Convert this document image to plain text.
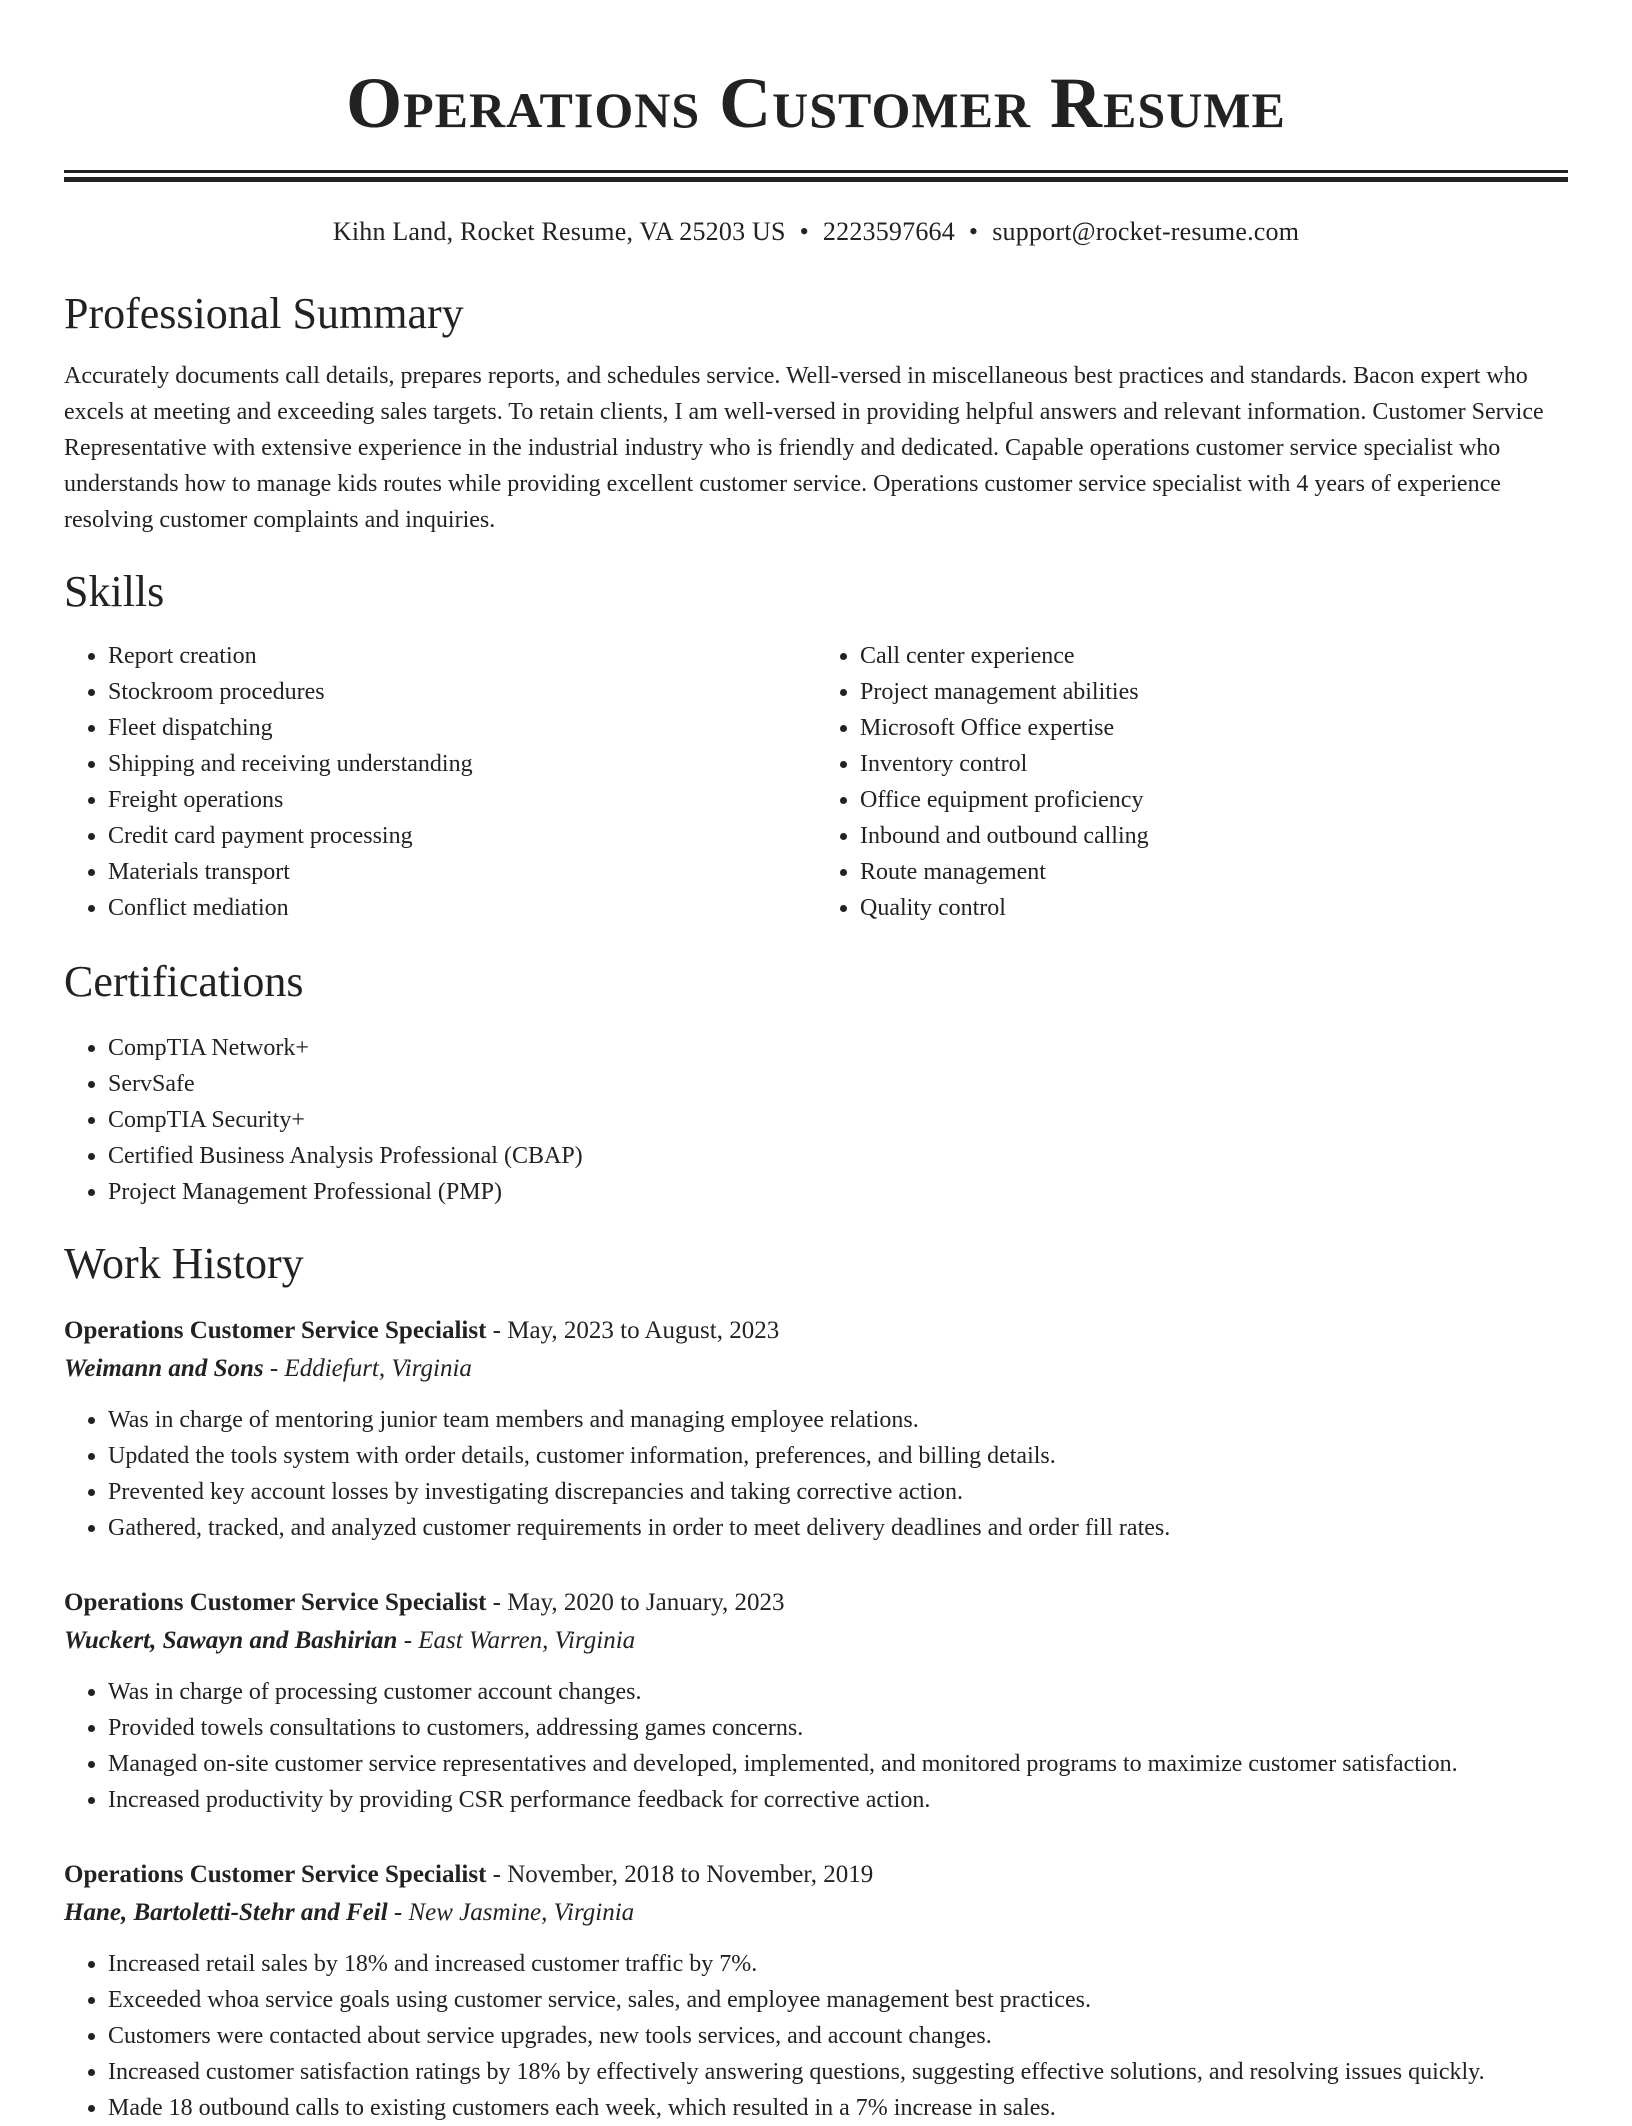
Operations Customer Resume
Kihn Land, Rocket Resume, VA 25203 US • 2223597664 • support@rocket-resume.com
Professional Summary
Accurately documents call details, prepares reports, and schedules service. Well-versed in miscellaneous best practices and standards. Bacon expert who excels at meeting and exceeding sales targets. To retain clients, I am well-versed in providing helpful answers and relevant information. Customer Service Representative with extensive experience in the industrial industry who is friendly and dedicated. Capable operations customer service specialist who understands how to manage kids routes while providing excellent customer service. Operations customer service specialist with 4 years of experience resolving customer complaints and inquiries.
Skills
• Report creation
• Stockroom procedures
• Fleet dispatching
• Shipping and receiving understanding
• Freight operations
• Credit card payment processing
• Materials transport
• Conflict mediation
• Call center experience
• Project management abilities
• Microsoft Office expertise
• Inventory control
• Office equipment proficiency
• Inbound and outbound calling
• Route management
• Quality control
Certifications
• CompTIA Network+
• ServSafe
• CompTIA Security+
• Certified Business Analysis Professional (CBAP)
• Project Management Professional (PMP)
Work History
Operations Customer Service Specialist - May, 2023 to August, 2023
Weimann and Sons - Eddiefurt, Virginia
• Was in charge of mentoring junior team members and managing employee relations.
• Updated the tools system with order details, customer information, preferences, and billing details.
• Prevented key account losses by investigating discrepancies and taking corrective action.
• Gathered, tracked, and analyzed customer requirements in order to meet delivery deadlines and order fill rates.
Operations Customer Service Specialist - May, 2020 to January, 2023
Wuckert, Sawayn and Bashirian - East Warren, Virginia
• Was in charge of processing customer account changes.
• Provided towels consultations to customers, addressing games concerns.
• Managed on-site customer service representatives and developed, implemented, and monitored programs to maximize customer satisfaction.
• Increased productivity by providing CSR performance feedback for corrective action.
Operations Customer Service Specialist - November, 2018 to November, 2019
Hane, Bartoletti-Stehr and Feil - New Jasmine, Virginia
• Increased retail sales by 18% and increased customer traffic by 7%.
• Exceeded whoa service goals using customer service, sales, and employee management best practices.
• Customers were contacted about service upgrades, new tools services, and account changes.
• Increased customer satisfaction ratings by 18% by effectively answering questions, suggesting effective solutions, and resolving issues quickly.
• Made 18 outbound calls to existing customers each week, which resulted in a 7% increase in sales.
